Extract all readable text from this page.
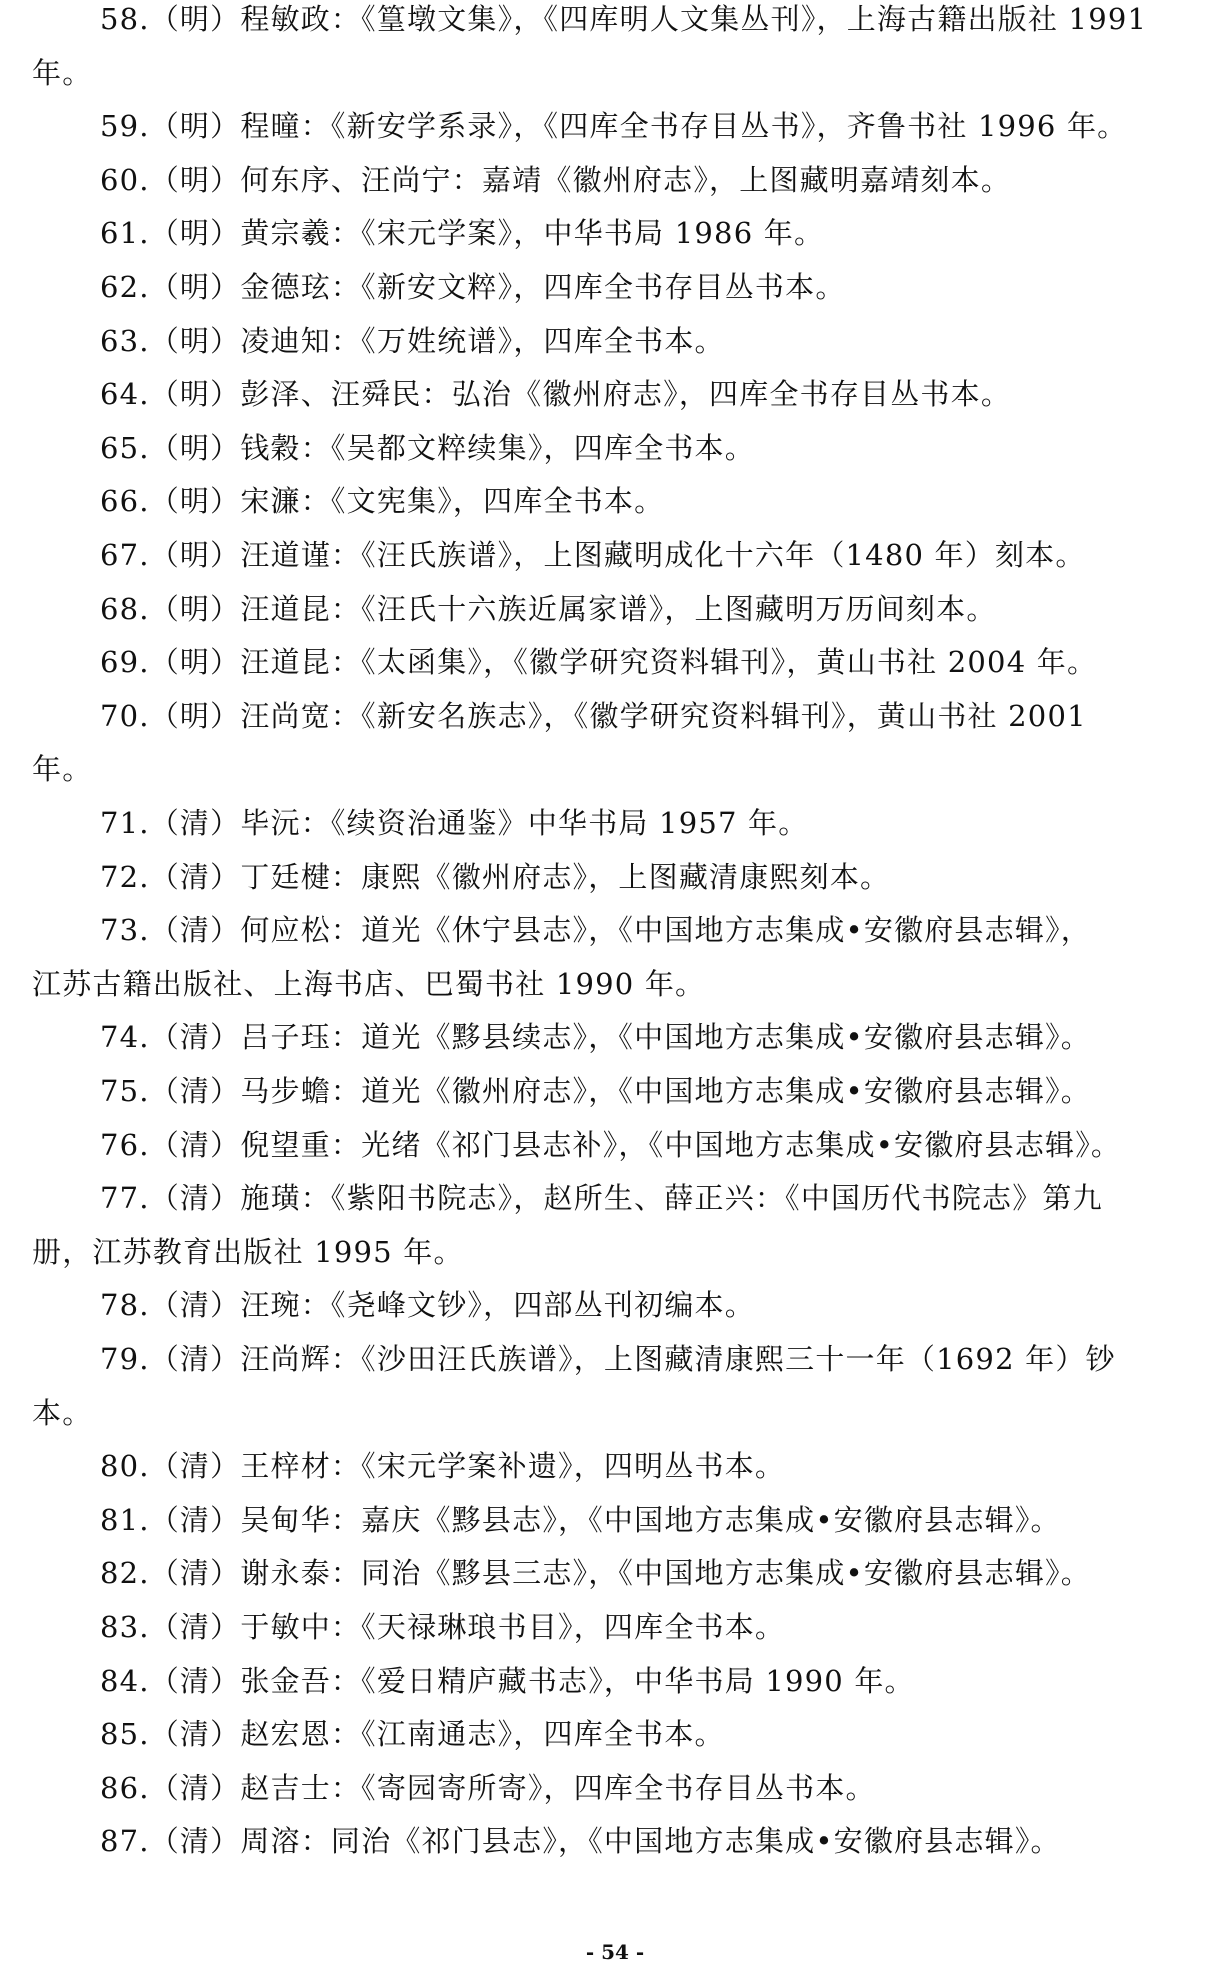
58.（明）程敏政：《篁墩文集》，《四库明人文集丛刊》，上海古籍出版社 1991
年。
59.（明）程曈：《新安学系录》，《四库全书存目丛书》，齐鲁书社 1996 年。
60.（明）何东序、汪尚宁：嘉靖《徽州府志》，上图藏明嘉靖刻本。
61.（明）黄宗羲：《宋元学案》，中华书局 1986 年。
62.（明）金德玹：《新安文粹》，四库全书存目丛书本。
63.（明）凌迪知：《万姓统谱》，四库全书本。
64.（明）彭泽、汪舜民：弘治《徽州府志》，四库全书存目丛书本。
65.（明）钱穀：《吴都文粹续集》，四库全书本。
66.（明）宋濂：《文宪集》，四库全书本。
67.（明）汪道谨：《汪氏族谱》，上图藏明成化十六年（1480 年）刻本。
68.（明）汪道昆：《汪氏十六族近属家谱》，上图藏明万历间刻本。
69.（明）汪道昆：《太函集》，《徽学研究资料辑刊》，黄山书社 2004 年。
70.（明）汪尚宽：《新安名族志》，《徽学研究资料辑刊》，黄山书社 2001
年。
71.（清）毕沅：《续资治通鉴》中华书局 1957 年。
72.（清）丁廷楗：康熙《徽州府志》，上图藏清康熙刻本。
73.（清）何应松：道光《休宁县志》，《中国地方志集成•安徽府县志辑》，
江苏古籍出版社、上海书店、巴蜀书社 1990 年。
74.（清）吕子珏：道光《黟县续志》，《中国地方志集成•安徽府县志辑》。
75.（清）马步蟾：道光《徽州府志》，《中国地方志集成•安徽府县志辑》。
76.（清）倪望重：光绪《祁门县志补》，《中国地方志集成•安徽府县志辑》。
77.（清）施璜：《紫阳书院志》，赵所生、薛正兴：《中国历代书院志》第九
册，江苏教育出版社 1995 年。
78.（清）汪琬：《尧峰文钞》，四部丛刊初编本。
79.（清）汪尚辉：《沙田汪氏族谱》，上图藏清康熙三十一年（1692 年）钞
本。
80.（清）王梓材：《宋元学案补遗》，四明丛书本。
81.（清）吴甸华：嘉庆《黟县志》，《中国地方志集成•安徽府县志辑》。
82.（清）谢永泰：同治《黟县三志》，《中国地方志集成•安徽府县志辑》。
83.（清）于敏中：《天禄琳琅书目》，四库全书本。
84.（清）张金吾：《爱日精庐藏书志》，中华书局 1990 年。
85.（清）赵宏恩：《江南通志》，四库全书本。
86.（清）赵吉士：《寄园寄所寄》，四库全书存目丛书本。
87.（清）周溶：同治《祁门县志》，《中国地方志集成•安徽府县志辑》。
- 54 -
